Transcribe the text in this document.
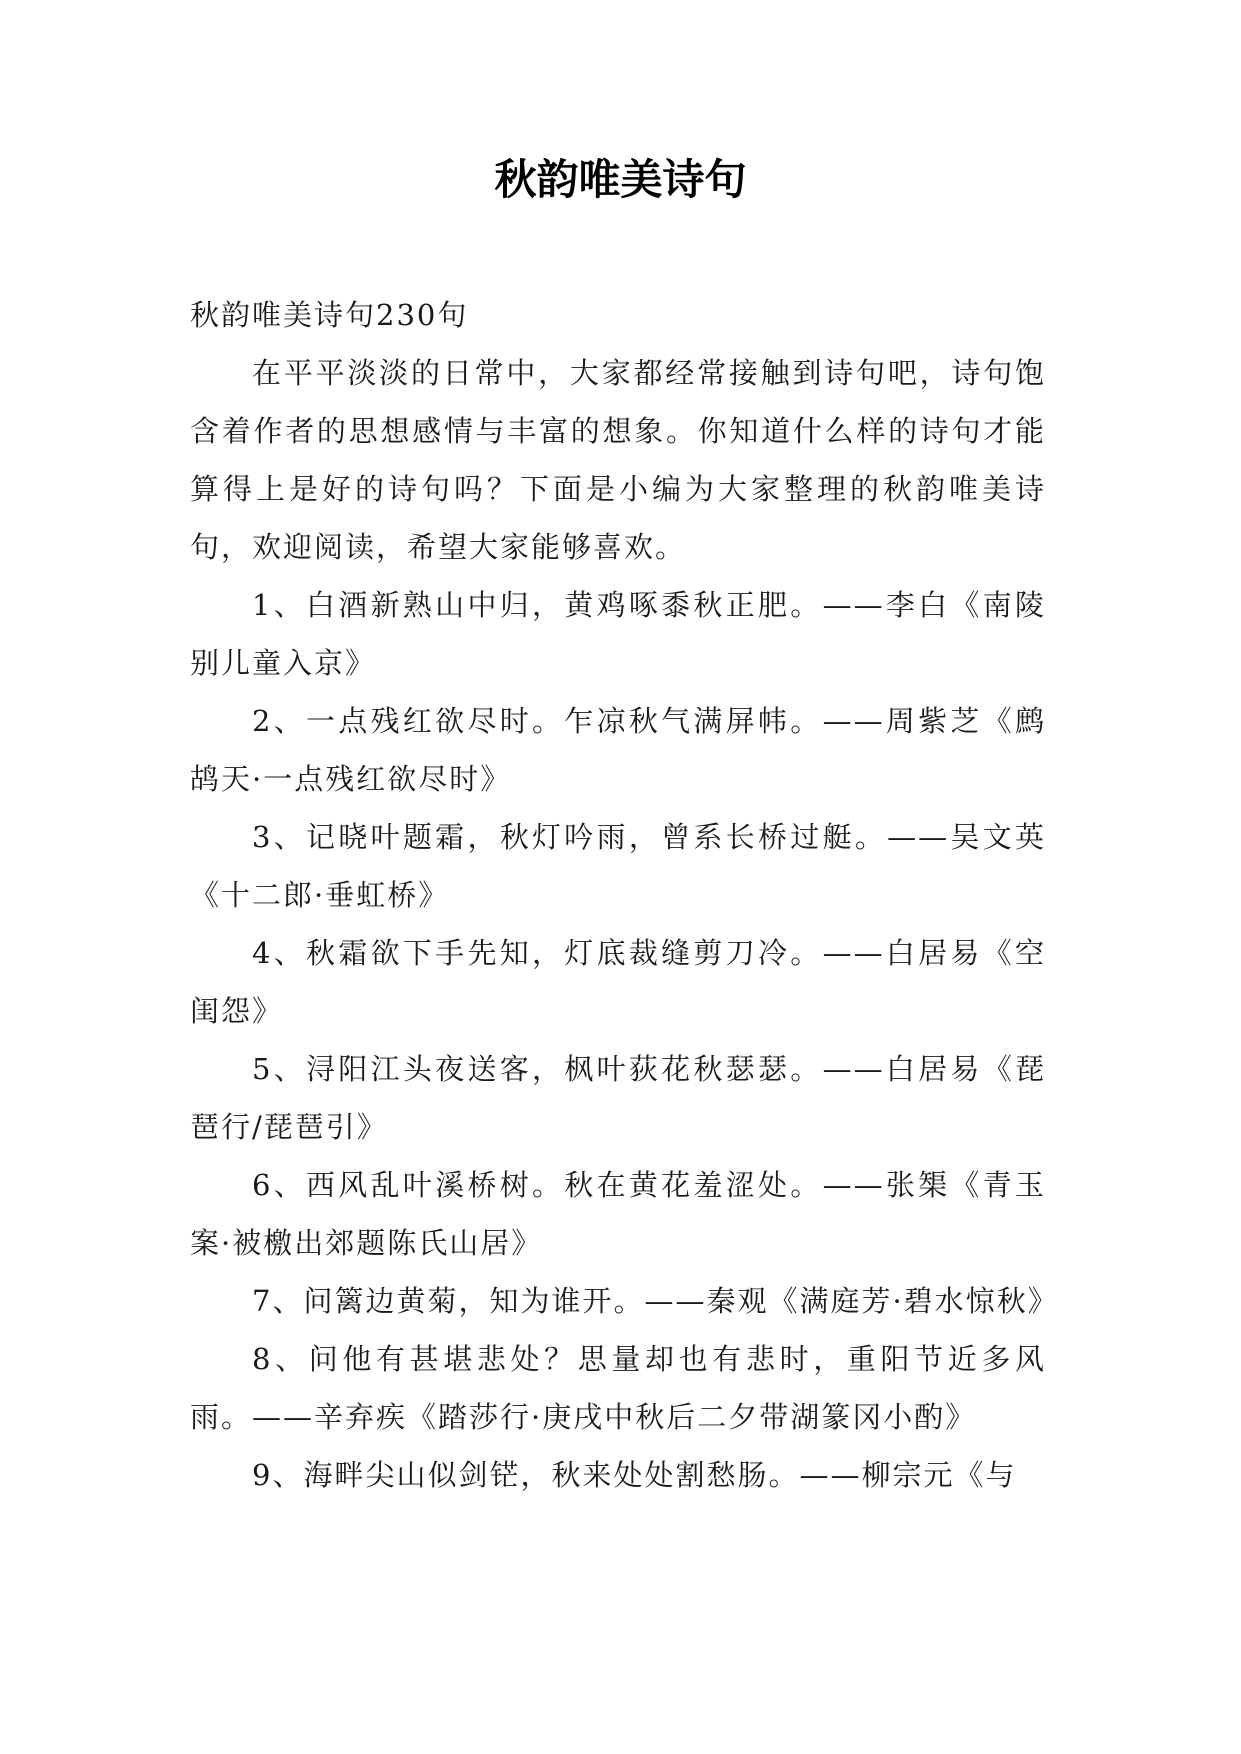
秋韵唯美诗句

秋韵唯美诗句230句

在平平淡淡的日常中，大家都经常接触到诗句吧，诗句饱含着作者的思想感情与丰富的想象。你知道什么样的诗句才能算得上是好的诗句吗？下面是小编为大家整理的秋韵唯美诗句，欢迎阅读，希望大家能够喜欢。

1、白酒新熟山中归，黄鸡啄黍秋正肥。——李白《南陵别儿童入京》

2、一点残红欲尽时。乍凉秋气满屏帏。——周紫芝《鹧鸪天·一点残红欲尽时》

3、记晓叶题霜，秋灯吟雨，曾系长桥过艇。——吴文英《十二郎·垂虹桥》

4、秋霜欲下手先知，灯底裁缝剪刀冷。——白居易《空闺怨》

5、浔阳江头夜送客，枫叶荻花秋瑟瑟。——白居易《琵琶行/琵琶引》

6、西风乱叶溪桥树。秋在黄花羞涩处。——张榘《青玉案·被檄出郊题陈氏山居》

7、问篱边黄菊，知为谁开。——秦观《满庭芳·碧水惊秋》

8、问他有甚堪悲处？思量却也有悲时，重阳节近多风雨。——辛弃疾《踏莎行·庚戌中秋后二夕带湖篆冈小酌》

9、海畔尖山似剑铓，秋来处处割愁肠。——柳宗元《与
